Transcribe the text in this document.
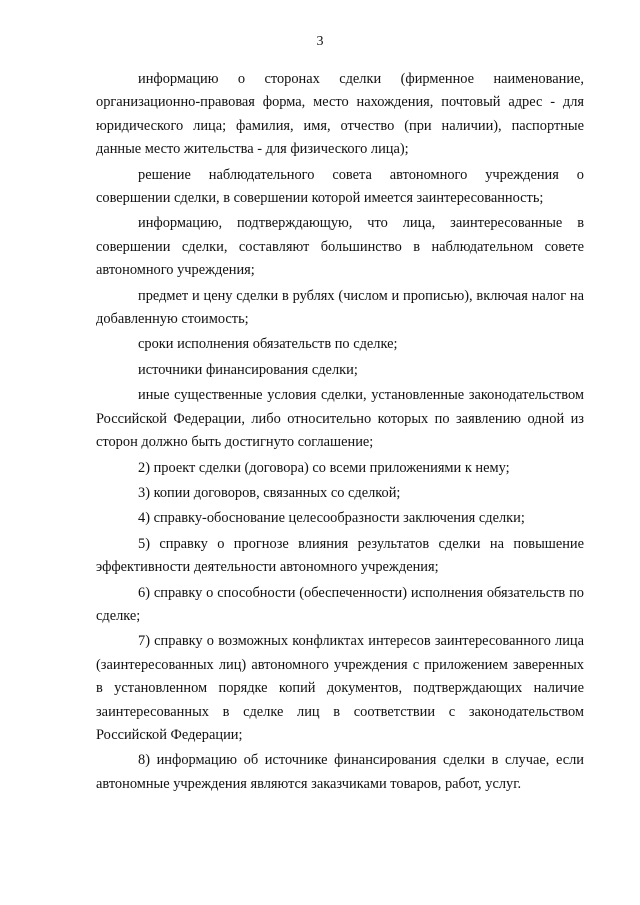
3

информацию о сторонах сделки (фирменное наименование, организационно-правовая форма, место нахождения, почтовый адрес - для юридического лица; фамилия, имя, отчество (при наличии), паспортные данные место жительства - для физического лица);

решение наблюдательного совета автономного учреждения о совершении сделки, в совершении которой имеется заинтересованность;

информацию, подтверждающую, что лица, заинтересованные в совершении сделки, составляют большинство в наблюдательном совете автономного учреждения;

предмет и цену сделки в рублях (числом и прописью), включая налог на добавленную стоимость;

сроки исполнения обязательств по сделке;

источники финансирования сделки;

иные существенные условия сделки, установленные законодательством Российской Федерации, либо относительно которых по заявлению одной из сторон должно быть достигнуто соглашение;

2) проект сделки (договора) со всеми приложениями к нему;

3) копии договоров, связанных со сделкой;

4) справку-обоснование целесообразности заключения сделки;

5) справку о прогнозе влияния результатов сделки на повышение эффективности деятельности автономного учреждения;

6) справку о способности (обеспеченности) исполнения обязательств по сделке;

7) справку о возможных конфликтах интересов заинтересованного лица (заинтересованных лиц) автономного учреждения с приложением заверенных в установленном порядке копий документов, подтверждающих наличие заинтересованных в сделке лиц в соответствии с законодательством Российской Федерации;

8) информацию об источнике финансирования сделки в случае, если автономные учреждения являются заказчиками товаров, работ, услуг.
